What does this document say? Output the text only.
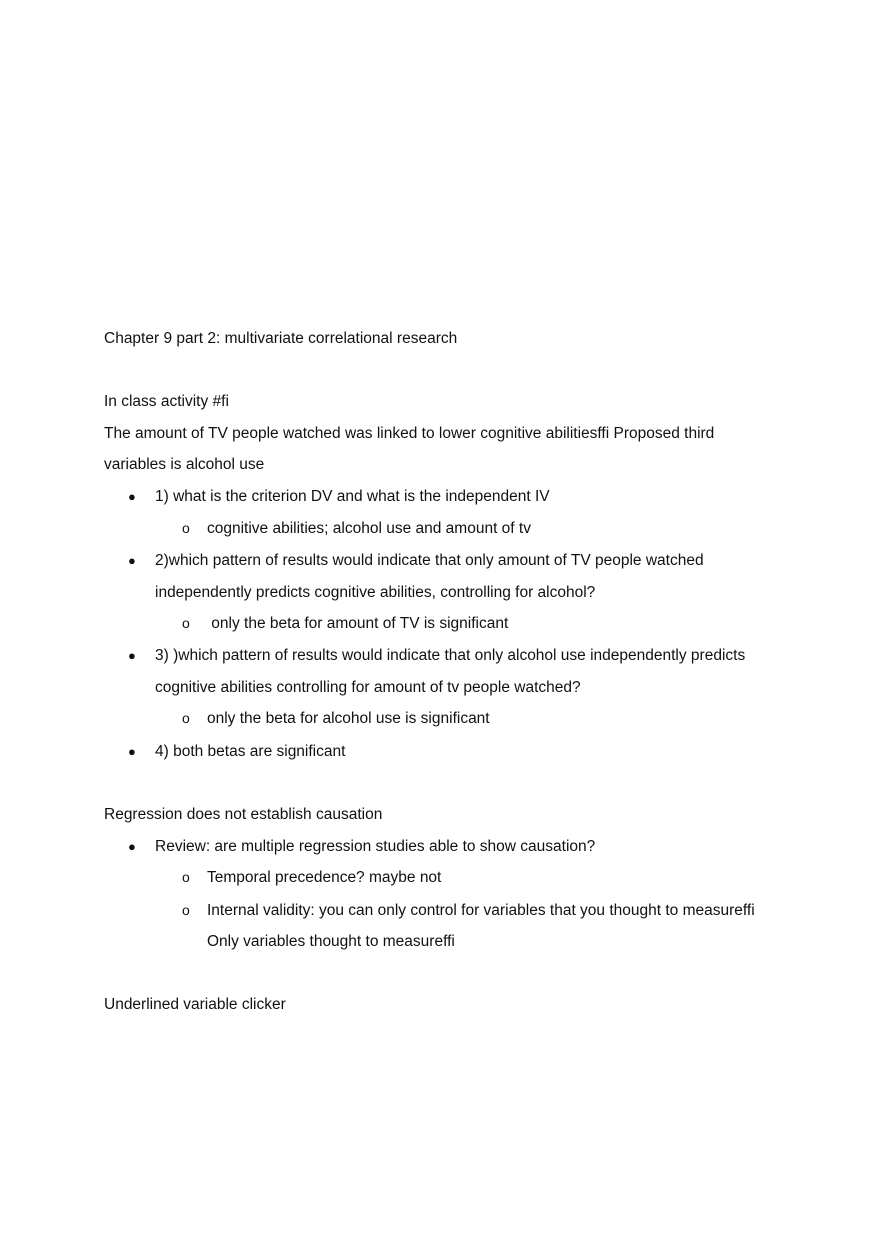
Chapter 9 part 2: multivariate correlational research

In class activity #fi

The amount of TV people watched was linked to lower cognitive abilitiesffi Proposed third

variables is alcohol use

● 1) what is the criterion DV and what is the independent IV
o cognitive abilities; alcohol use and amount of tv
● 2)which pattern of results would indicate that only amount of TV people watched
independently predicts cognitive abilities, controlling for alcohol?
o only the beta for amount of TV is significant
● 3) )which pattern of results would indicate that only alcohol use independently predicts
cognitive abilities controlling for amount of tv people watched?
o only the beta for alcohol use is significant
● 4) both betas are significant

Regression does not establish causation

● Review: are multiple regression studies able to show causation?
o Temporal precedence? maybe not
o Internal validity: you can only control for variables that you thought to measureffi
Only variables thought to measureffi

Underlined variable clicker
